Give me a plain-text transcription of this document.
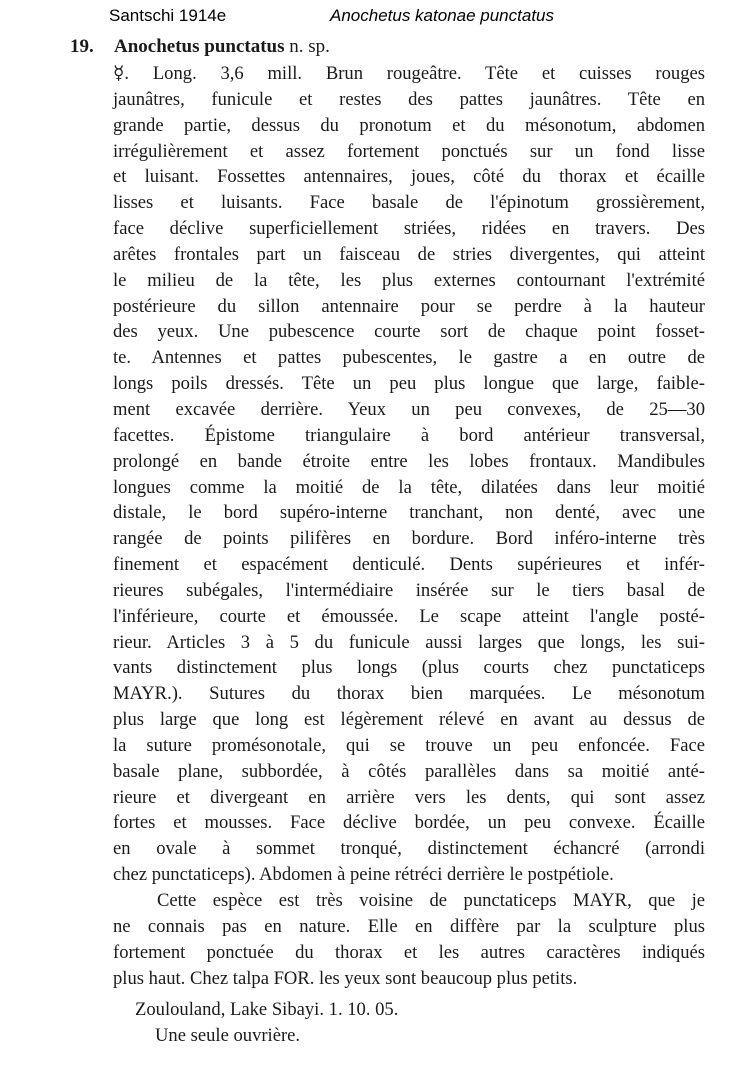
Santschi 1914e	Anochetus katonae punctatus
19. Anochetus punctatus n. sp.
☿. Long. 3,6 mill. Brun rougeâtre. Tête et cuisses rouges
jaunâtres, funicule et restes des pattes jaunâtres. Tête en
grande partie, dessus du pronotum et du mésonotum, abdomen
irrégulièrement et assez fortement ponctués sur un fond lisse
et luisant. Fossettes antennaires, joues, côté du thorax et écaille
lisses et luisants. Face basale de l'épinotum grossièrement,
face déclive superficiellement striées, ridées en travers. Des
arêtes frontales part un faisceau de stries divergentes, qui atteint
le milieu de la tête, les plus externes contournant l'extrémité
postérieure du sillon antennaire pour se perdre à la hauteur
des yeux. Une pubescence courte sort de chaque point fosset-
te. Antennes et pattes pubescentes, le gastre a en outre de
longs poils dressés. Tête un peu plus longue que large, faible-
ment excavée derrière. Yeux un peu convexes, de 25—30
facettes. Épistome triangulaire à bord antérieur transversal,
prolongé en bande étroite entre les lobes frontaux. Mandibules
longues comme la moitié de la tête, dilatées dans leur moitié
distale, le bord supéro-interne tranchant, non denté, avec une
rangée de points pilifères en bordure. Bord inféro-interne très
finement et espacément denticulé. Dents supérieures et infér-
rieures subégales, l'intermédiaire insérée sur le tiers basal de
l'inférieure, courte et émoussée. Le scape atteint l'angle posté-
rieur. Articles 3 à 5 du funicule aussi larges que longs, les sui-
vants distinctement plus longs (plus courts chez punctaticeps
MAYR.). Sutures du thorax bien marquées. Le mésonotum
plus large que long est légèrement rélevé en avant au dessus de
la suture promésonotale, qui se trouve un peu enfoncée. Face
basale plane, subbordée, à côtés parallèles dans sa moitié anté-
rieure et divergeant en arrière vers les dents, qui sont assez
fortes et mousses. Face déclive bordée, un peu convexe. Écaille
en ovale à sommet tronqué, distinctement échancré (arrondi
chez punctaticeps). Abdomen à peine rétréci derrière le postpétiole.
Cette espèce est très voisine de punctaticeps MAYR, que je
ne connais pas en nature. Elle en diffère par la sculpture plus
fortement ponctuée du thorax et les autres caractères indiqués
plus haut. Chez talpa FOR. les yeux sont beaucoup plus petits.
Zoulouland, Lake Sibayi. 1. 10. 05.
Une seule ouvrière.
